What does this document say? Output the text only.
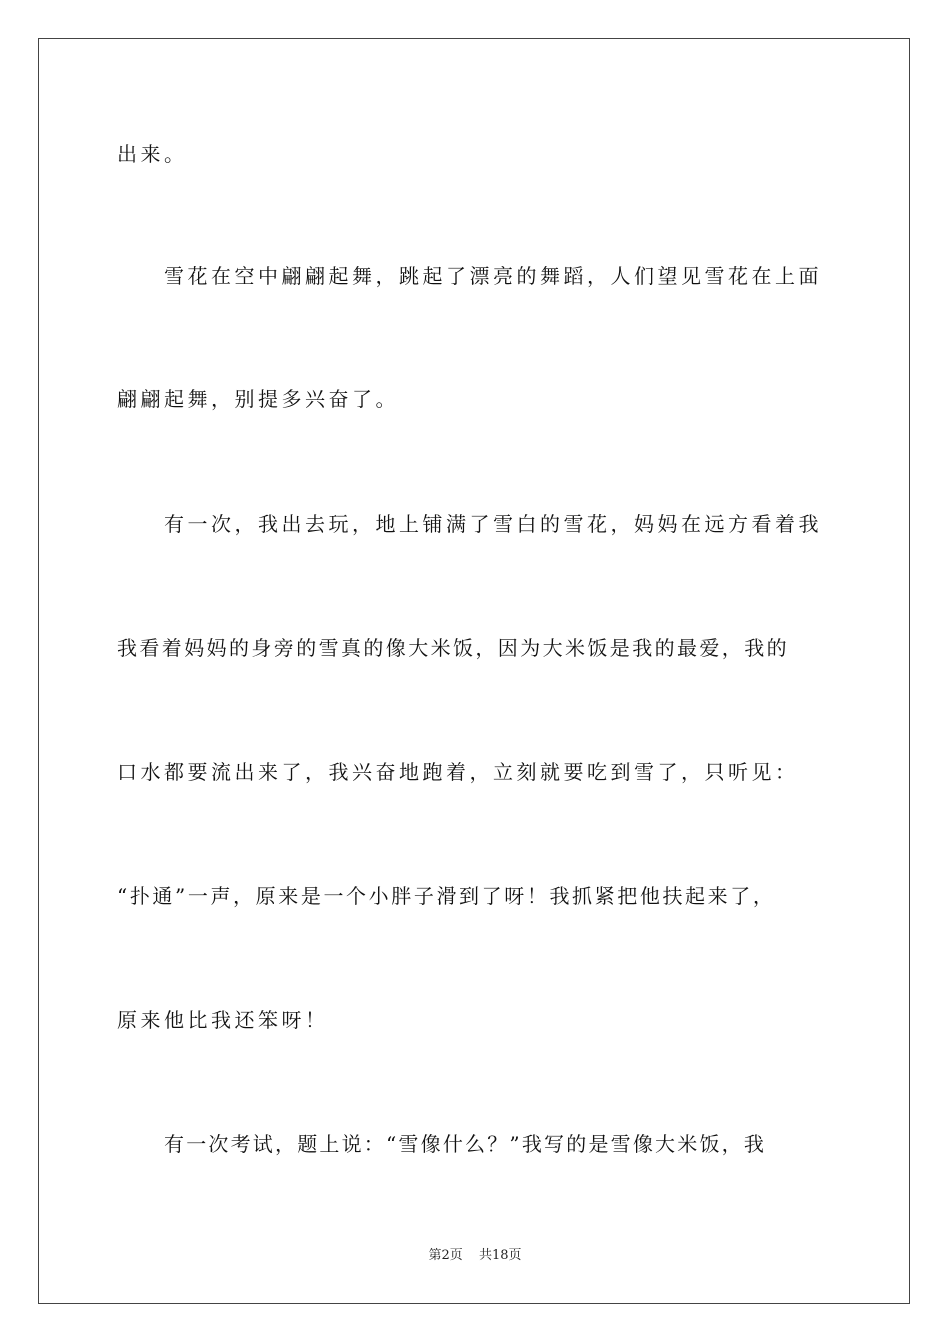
出来。

雪花在空中翩翩起舞，跳起了漂亮的舞蹈，人们望见雪花在上面

翩翩起舞，别提多兴奋了。

有一次，我出去玩，地上铺满了雪白的雪花，妈妈在远方看着我

我看着妈妈的身旁的雪真的像大米饭，因为大米饭是我的最爱，我的

口水都要流出来了，我兴奋地跑着，立刻就要吃到雪了，只听见：

“扑通”一声，原来是一个小胖子滑到了呀！我抓紧把他扶起来了，

原来他比我还笨呀！

有一次考试，题上说：“雪像什么？”我写的是雪像大米饭，我

第2页 共18页
